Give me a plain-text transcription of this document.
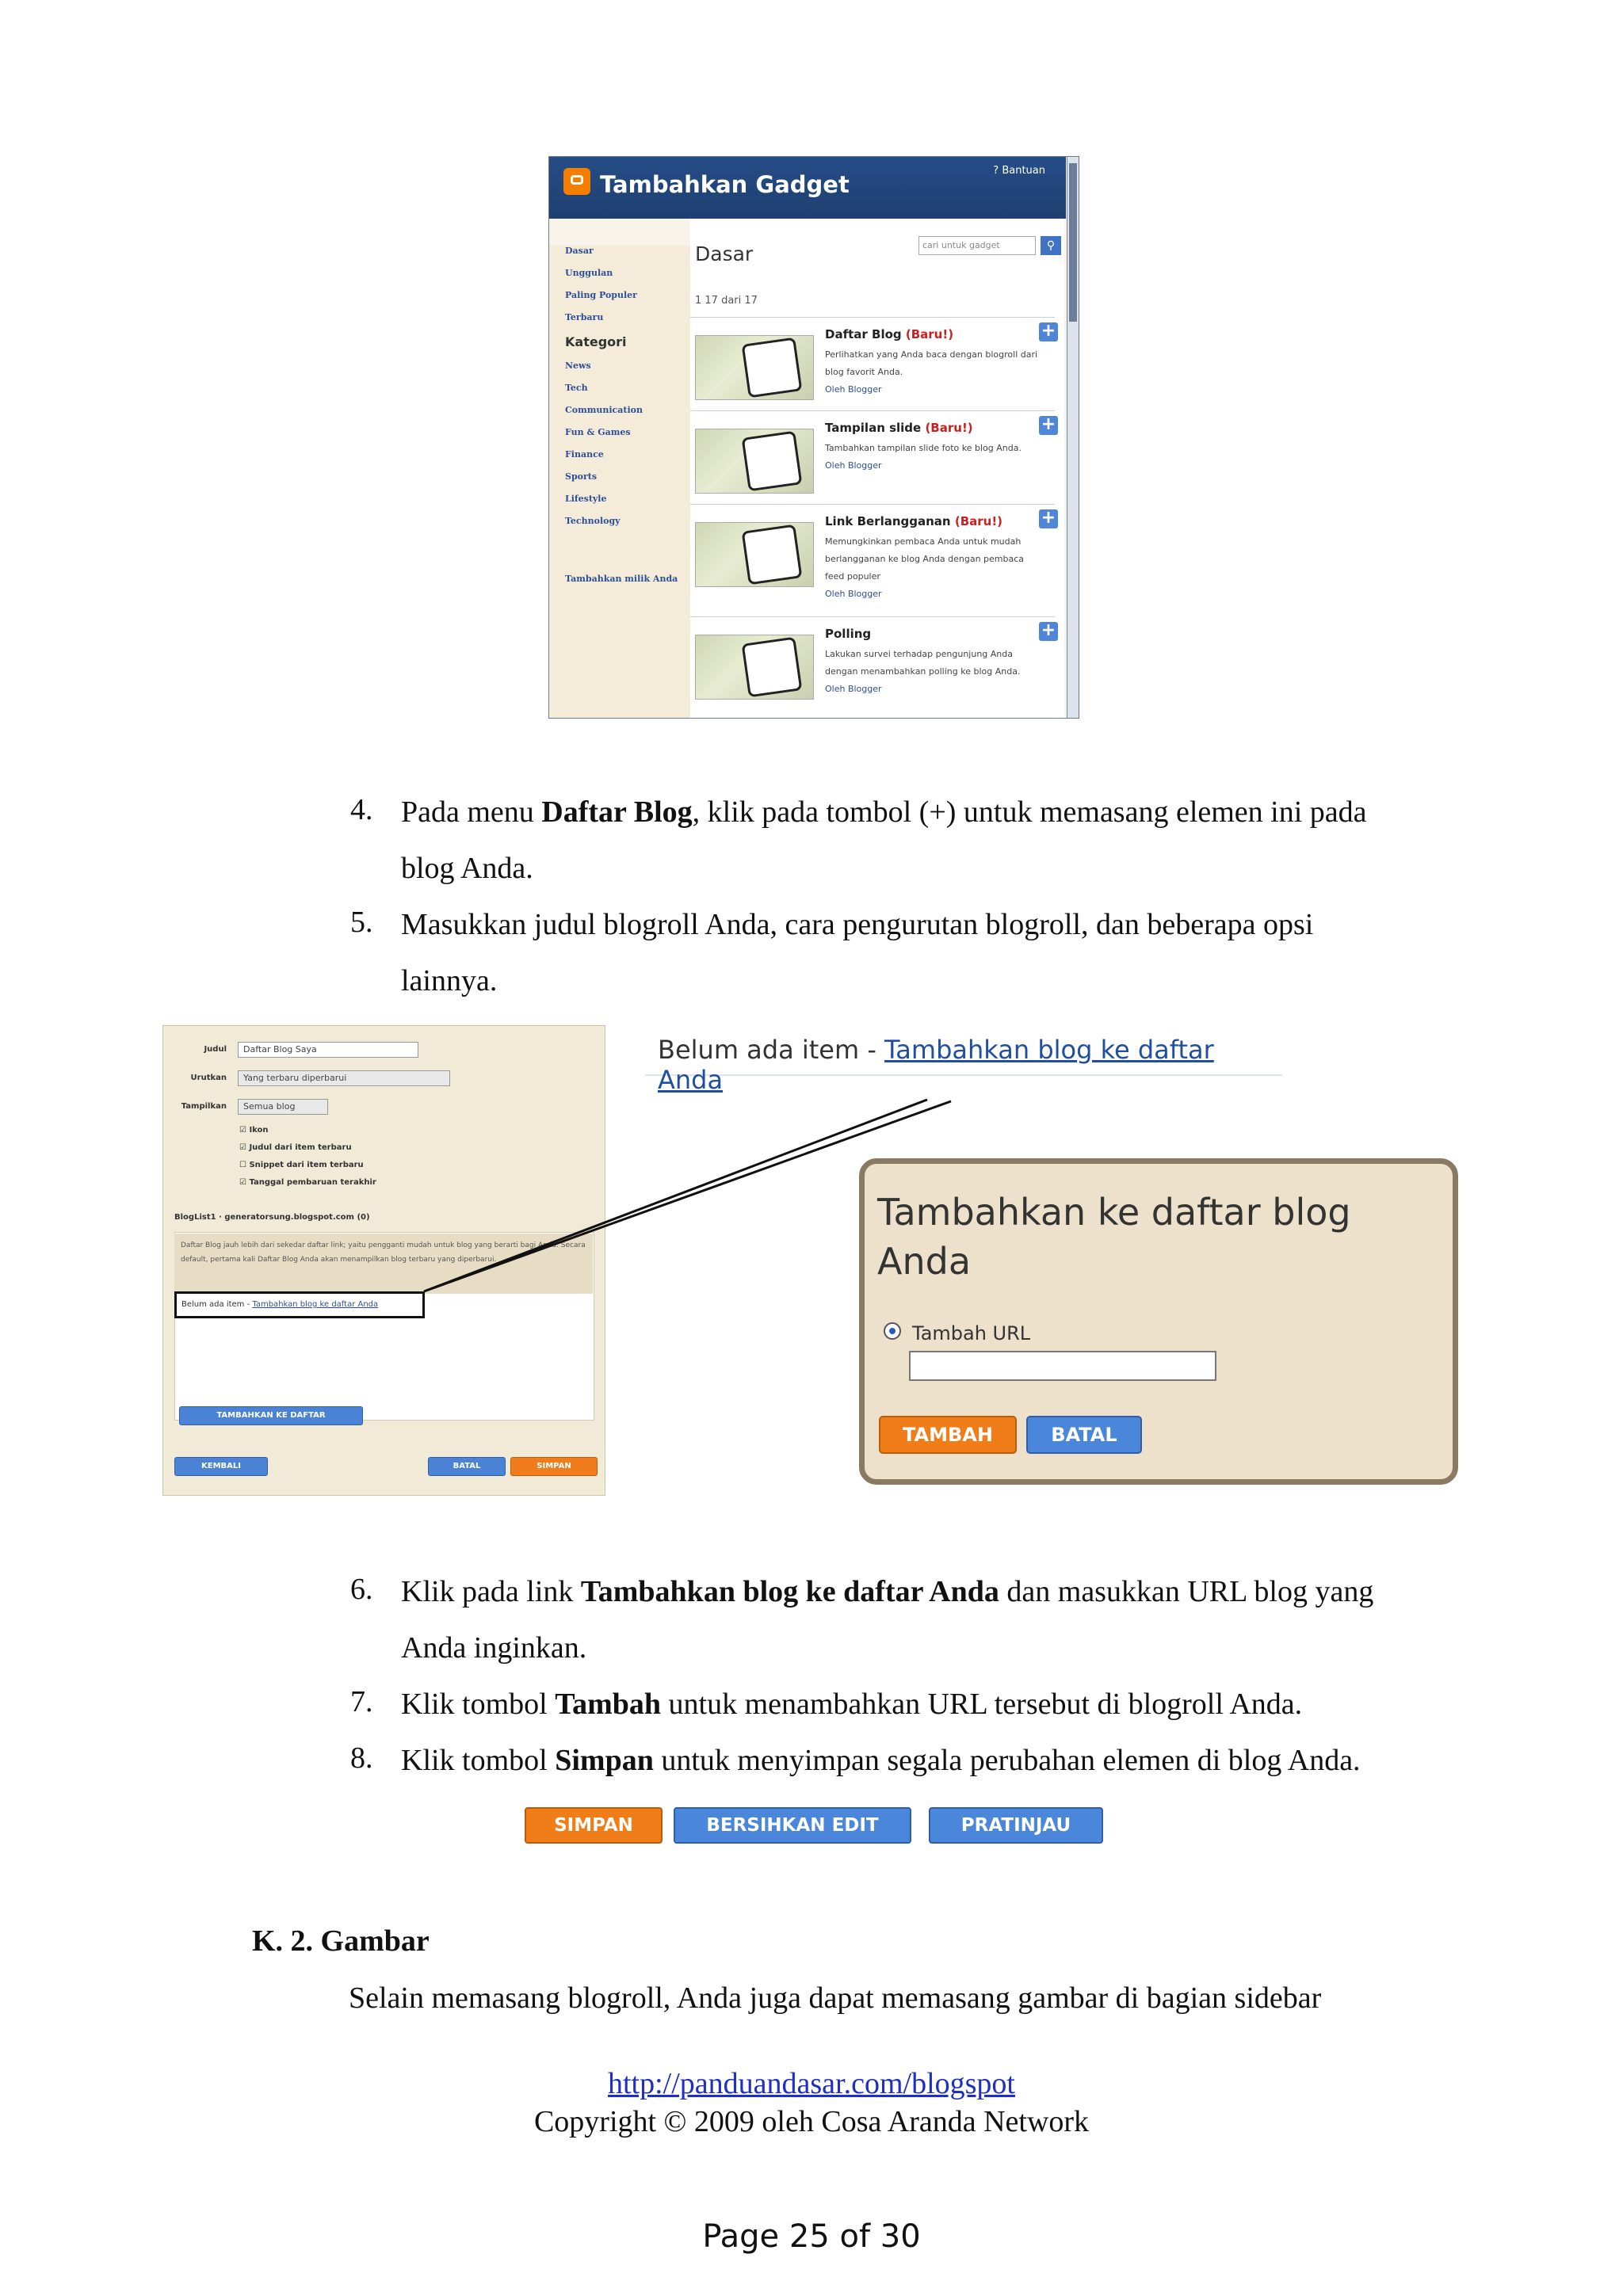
Tambahkan Gadget
? Bantuan
Dasar
Unggulan
Paling Populer
Terbaru
Kategori
News
Tech
Communication
Fun & Games
Finance
Sports
Lifestyle
Technology
Tambahkan milik Anda
Dasar	cari untuk gadget	⚲
1 17 dari 17
Daftar Blog (Baru!)
Perlihatkan yang Anda baca dengan blogroll dari blog favorit Anda.
Oleh Blogger
+
Tampilan slide (Baru!)
Tambahkan tampilan slide foto ke blog Anda.
Oleh Blogger
+
Link Berlangganan (Baru!)
Memungkinkan pembaca Anda untuk mudah berlangganan ke blog Anda dengan pembaca feed populer
Oleh Blogger
+
Polling
Lakukan survei terhadap pengunjung Anda dengan menambahkan polling ke blog Anda.
Oleh Blogger
+
4. Pada menu Daftar Blog, klik pada tombol (+) untuk memasang elemen ini pada
blog Anda.
5. Masukkan judul blogroll Anda, cara pengurutan blogroll, dan beberapa opsi
lainnya.
Judul	Daftar Blog Saya
Urutkan	Yang terbaru diperbarui
Tampilkan	Semua blog
☑ Ikon
☑ Judul dari item terbaru
☐ Snippet dari item terbaru
☑ Tanggal pembaruan terakhir
BlogList1 · generatorsung.blogspot.com (0)
Daftar Blog jauh lebih dari sekedar daftar link; yaitu pengganti mudah untuk blog yang berarti bagi Anda. Secara default, pertama kali Daftar Blog Anda akan menampilkan blog terbaru yang diperbarui.
Belum ada item - Tambahkan blog ke daftar Anda
TAMBAHKAN KE DAFTAR
KEMBALI	BATAL	SIMPAN
Belum ada item - Tambahkan blog ke daftar Anda
Tambahkan ke daftar blog
Anda
Tambah URL
TAMBAH	BATAL
6. Klik pada link Tambahkan blog ke daftar Anda dan masukkan URL blog yang
Anda inginkan.
7. Klik tombol Tambah untuk menambahkan URL tersebut di blogroll Anda.
8. Klik tombol Simpan untuk menyimpan segala perubahan elemen di blog Anda.
SIMPAN	BERSIHKAN EDIT	PRATINJAU
K. 2. Gambar
Selain memasang blogroll, Anda juga dapat memasang gambar di bagian sidebar
http://panduandasar.com/blogspot
Copyright © 2009 oleh Cosa Aranda Network
Page 25 of 30
